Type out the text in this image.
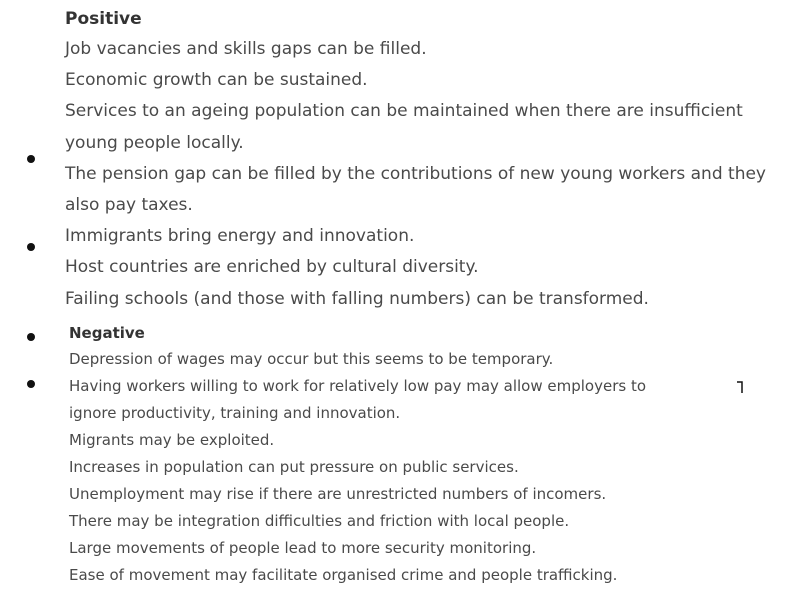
Positive
Job vacancies and skills gaps can be filled.
Economic growth can be sustained.
Services to an ageing population can be maintained when there are insufficient
young people locally.
The pension gap can be filled by the contributions of new young workers and they
also pay taxes.
Immigrants bring energy and innovation.
Host countries are enriched by cultural diversity.
Failing schools (and those with falling numbers) can be transformed.
Negative
Depression of wages may occur but this seems to be temporary.
Having workers willing to work for relatively low pay may allow employers to
ignore productivity, training and innovation.
Migrants may be exploited.
Increases in population can put pressure on public services.
Unemployment may rise if there are unrestricted numbers of incomers.
There may be integration difficulties and friction with local people.
Large movements of people lead to more security monitoring.
Ease of movement may facilitate organised crime and people trafficking.
